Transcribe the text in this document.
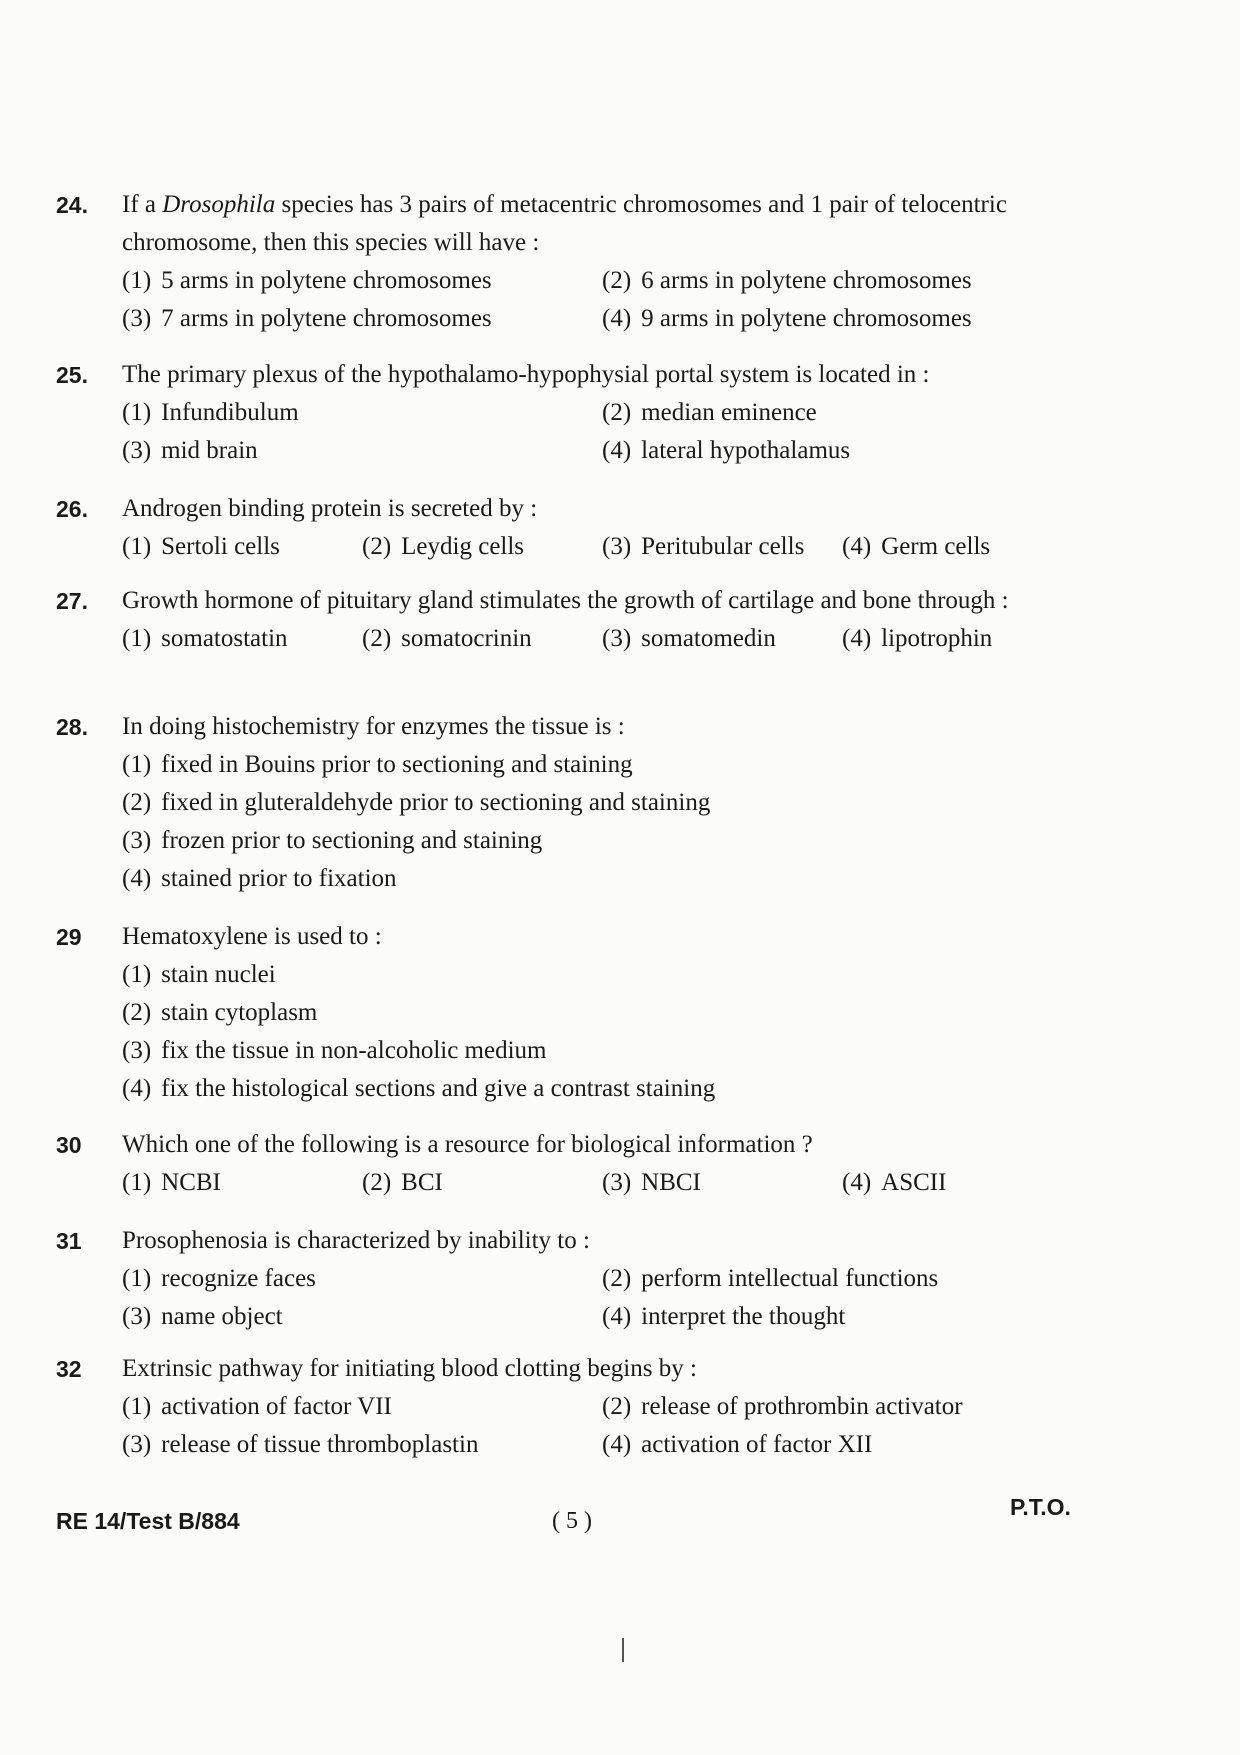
24.	If a Drosophila species has 3 pairs of metacentric chromosomes and 1 pair of telocentric chromosome, then this species will have :
(1) 5 arms in polytene chromosomes	(2) 6 arms in polytene chromosomes
(3) 7 arms in polytene chromosomes	(4) 9 arms in polytene chromosomes
25.	The primary plexus of the hypothalamo-hypophysial portal system is located in :
(1) Infundibulum	(2) median eminence
(3) mid brain	(4) lateral hypothalamus
26.	Androgen binding protein is secreted by :
(1) Sertoli cells	(2) Leydig cells	(3) Peritubular cells	(4) Germ cells
27.	Growth hormone of pituitary gland stimulates the growth of cartilage and bone through :
(1) somatostatin	(2) somatocrinin	(3) somatomedin	(4) lipotrophin
28.	In doing histochemistry for enzymes the tissue is :
(1) fixed in Bouins prior to sectioning and staining
(2) fixed in gluteraldehyde prior to sectioning and staining
(3) frozen prior to sectioning and staining
(4) stained prior to fixation
29	Hematoxylene is used to :
(1) stain nuclei
(2) stain cytoplasm
(3) fix the tissue in non-alcoholic medium
(4) fix the histological sections and give a contrast staining
30	Which one of the following is a resource for biological information ?
(1) NCBI	(2) BCI	(3) NBCI	(4) ASCII
31	Prosophenosia is characterized by inability to :
(1) recognize faces	(2) perform intellectual functions
(3) name object	(4) interpret the thought
32	Extrinsic pathway for initiating blood clotting begins by :
(1) activation of factor VII	(2) release of prothrombin activator
(3) release of tissue thromboplastin	(4) activation of factor XII
RE 14/Test B/884	( 5 )
P.T.O.
